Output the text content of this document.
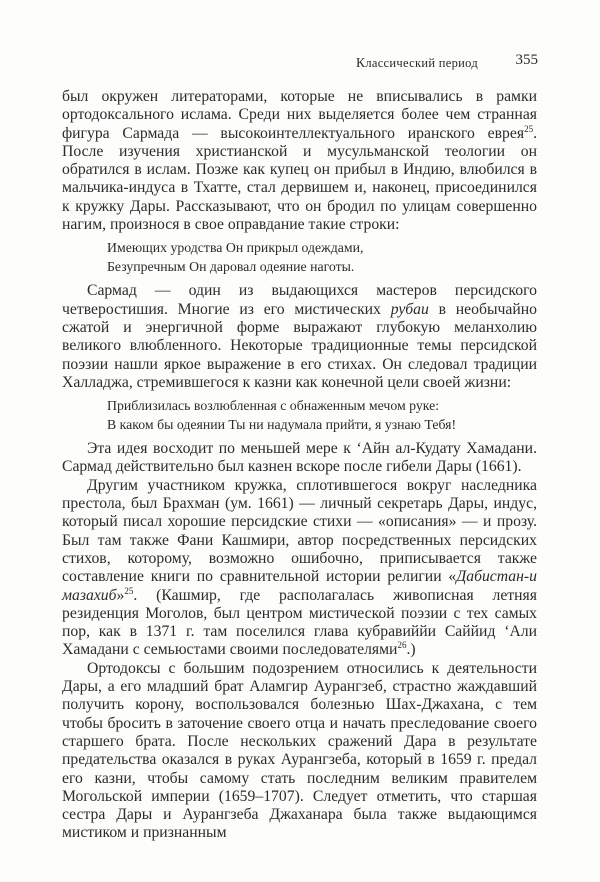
Классический период	355

был окружен литераторами, которые не вписывались в рамки ортодоксального ислама. Среди них выделяется более чем странная фигура Сармада — высокоинтеллектуального иранского еврея$^{25}$. После изучения христианской и мусульманской теологии он обратился в ислам. Позже как купец он прибыл в Индию, влюбился в мальчика-индуса в Тхатте, стал дервишем и, наконец, присоединился к кружку Дары. Рассказывают, что он бродил по улицам совершенно нагим, произнося в свое оправдание такие строки:

Имеющих уродства Он прикрыл одеждами,
Безупречным Он даровал одеяние наготы.

Сармад — один из выдающихся мастеров персидского четверостишия. Многие из его мистических рубаи в необычайно сжатой и энергичной форме выражают глубокую меланхолию великого влюбленного. Некоторые традиционные темы персидской поэзии нашли яркое выражение в его стихах. Он следовал традиции Халладжа, стремившегося к казни как конечной цели своей жизни:

Приблизилась возлюбленная с обнаженным мечом руке:
В каком бы одеянии Ты ни надумала прийти, я узнаю Тебя!

Эта идея восходит по меньшей мере к ‘Айн ал-Кудату Хамадани. Сармад действительно был казнен вскоре после гибели Дары (1661).

Другим участником кружка, сплотившегося вокруг наследника престола, был Брахман (ум. 1661) — личный секретарь Дары, индус, который писал хорошие персидские стихи — «описания» — и прозу. Был там также Фани Кашмири, автор посредственных персидских стихов, которому, возможно ошибочно, приписывается также составление книги по сравнительной истории религии «Дабистан-и мазахиб»$^{25}$. (Кашмир, где располагалась живописная летняя резиденция Моголов, был центром мистической поэзии с тех самых пор, как в 1371 г. там поселился глава кубравиййи Саййид ‘Али Хамадани с семьюстами своими последователями$^{26}$.)

Ортодоксы с большим подозрением относились к деятельности Дары, а его младший брат Аламгир Аурангзеб, страстно жаждавший получить корону, воспользовался болезнью Шах-Джахана, с тем чтобы бросить в заточение своего отца и начать преследование своего старшего брата. После нескольких сражений Дара в результате предательства оказался в руках Аурангзеба, который в 1659 г. предал его казни, чтобы самому стать последним великим правителем Могольской империи (1659–1707). Следует отметить, что старшая сестра Дары и Аурангзеба Джаханара была также выдающимся мистиком и признанным
